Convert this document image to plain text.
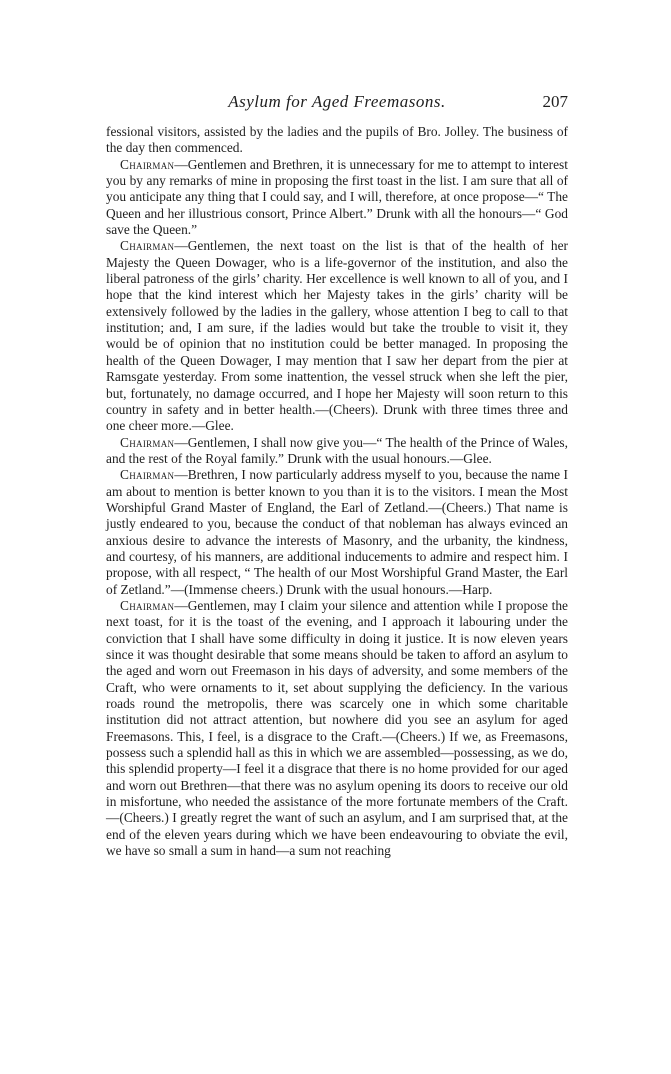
Asylum for Aged Freemasons.	207

fessional visitors, assisted by the ladies and the pupils of Bro. Jolley. The business of the day then commenced.

Chairman—Gentlemen and Brethren, it is unnecessary for me to attempt to interest you by any remarks of mine in proposing the first toast in the list. I am sure that all of you anticipate any thing that I could say, and I will, therefore, at once propose—“ The Queen and her illustrious consort, Prince Albert.” Drunk with all the honours—“ God save the Queen.”

Chairman—Gentlemen, the next toast on the list is that of the health of her Majesty the Queen Dowager, who is a life-governor of the institution, and also the liberal patroness of the girls’ charity. Her excellence is well known to all of you, and I hope that the kind interest which her Majesty takes in the girls’ charity will be extensively followed by the ladies in the gallery, whose attention I beg to call to that institution; and, I am sure, if the ladies would but take the trouble to visit it, they would be of opinion that no institution could be better managed. In proposing the health of the Queen Dowager, I may mention that I saw her depart from the pier at Ramsgate yesterday. From some inattention, the vessel struck when she left the pier, but, fortunately, no damage occurred, and I hope her Majesty will soon return to this country in safety and in better health.—(Cheers). Drunk with three times three and one cheer more.—Glee.

Chairman—Gentlemen, I shall now give you—“ The health of the Prince of Wales, and the rest of the Royal family.” Drunk with the usual honours.—Glee.

Chairman—Brethren, I now particularly address myself to you, because the name I am about to mention is better known to you than it is to the visitors. I mean the Most Worshipful Grand Master of England, the Earl of Zetland.—(Cheers.) That name is justly endeared to you, because the conduct of that nobleman has always evinced an anxious desire to advance the interests of Masonry, and the urbanity, the kindness, and courtesy, of his manners, are additional inducements to admire and respect him. I propose, with all respect, “ The health of our Most Worshipful Grand Master, the Earl of Zetland.”—(Immense cheers.) Drunk with the usual honours.—Harp.

Chairman—Gentlemen, may I claim your silence and attention while I propose the next toast, for it is the toast of the evening, and I approach it labouring under the conviction that I shall have some difficulty in doing it justice. It is now eleven years since it was thought desirable that some means should be taken to afford an asylum to the aged and worn out Freemason in his days of adversity, and some members of the Craft, who were ornaments to it, set about supplying the deficiency. In the various roads round the metropolis, there was scarcely one in which some charitable institution did not attract attention, but nowhere did you see an asylum for aged Freemasons. This, I feel, is a disgrace to the Craft.—(Cheers.) If we, as Freemasons, possess such a splendid hall as this in which we are assembled—possessing, as we do, this splendid property—I feel it a disgrace that there is no home provided for our aged and worn out Brethren—that there was no asylum opening its doors to receive our old in misfortune, who needed the assistance of the more fortunate members of the Craft.—(Cheers.) I greatly regret the want of such an asylum, and I am surprised that, at the end of the eleven years during which we have been endeavouring to obviate the evil, we have so small a sum in hand—a sum not reaching
